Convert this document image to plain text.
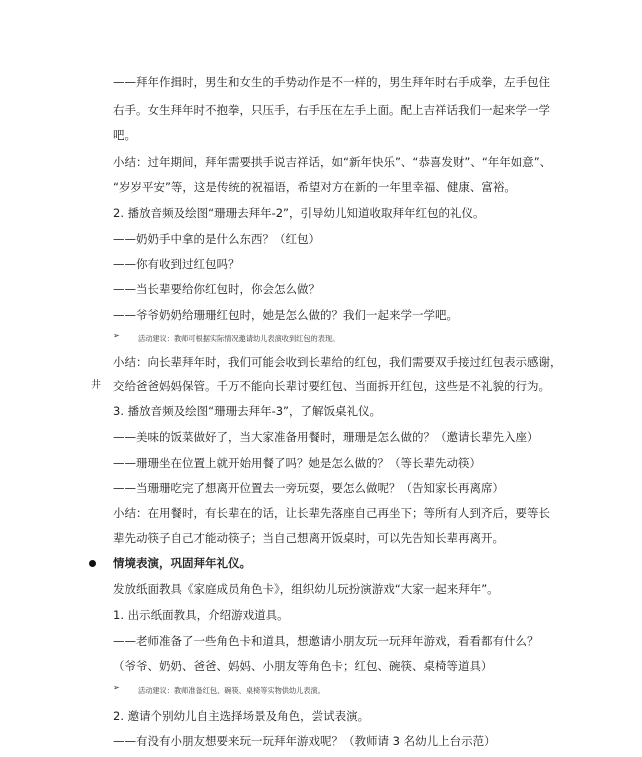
井
——拜年作揖时，男生和女生的手势动作是不一样的，男生拜年时右手成拳，左手包住
右手。女生拜年时不抱拳，只压手，右手压在左手上面。配上吉祥话我们一起来学一学
吧。
小结：过年期间，拜年需要拱手说吉祥话，如“新年快乐”、“恭喜发财”、“年年如意”、
“岁岁平安”等，这是传统的祝福语，希望对方在新的一年里幸福、健康、富裕。
2. 播放音频及绘图“珊珊去拜年-2”，引导幼儿知道收取拜年红包的礼仪。
——奶奶手中拿的是什么东西？（红包）
——你有收到过红包吗？
——当长辈要给你红包时，你会怎么做？
——爷爷奶奶给珊珊红包时，她是怎么做的？我们一起来学一学吧。
➢	活动建议：教师可根据实际情况邀请幼儿表演收到红包的表现。
小结：向长辈拜年时，我们可能会收到长辈给的红包，我们需要双手接过红包表示感谢，
交给爸爸妈妈保管。千万不能向长辈讨要红包、当面拆开红包，这些是不礼貌的行为。
3. 播放音频及绘图“珊珊去拜年-3”，了解饭桌礼仪。
——美味的饭菜做好了，当大家准备用餐时，珊珊是怎么做的？（邀请长辈先入座）
——珊珊坐在位置上就开始用餐了吗？她是怎么做的？（等长辈先动筷）
——当珊珊吃完了想离开位置去一旁玩耍，要怎么做呢？（告知家长再离席）
小结：在用餐时，有长辈在的话，让长辈先落座自己再坐下；等所有人到齐后，要等长
辈先动筷子自己才能动筷子；当自己想离开饭桌时，可以先告知长辈再离开。
情境表演，巩固拜年礼仪。
发放纸面教具《家庭成员角色卡》，组织幼儿玩扮演游戏“大家一起来拜年”。
1. 出示纸面教具，介绍游戏道具。
——老师准备了一些角色卡和道具，想邀请小朋友玩一玩拜年游戏，看看都有什么？
（爷爷、奶奶、爸爸、妈妈、小朋友等角色卡；红包、碗筷、桌椅等道具）
➢	活动建议：教师准备红包、碗筷、桌椅等实物供幼儿表演。
2. 邀请个别幼儿自主选择场景及角色，尝试表演。
——有没有小朋友想要来玩一玩拜年游戏呢？（教师请 3 名幼儿上台示范）
